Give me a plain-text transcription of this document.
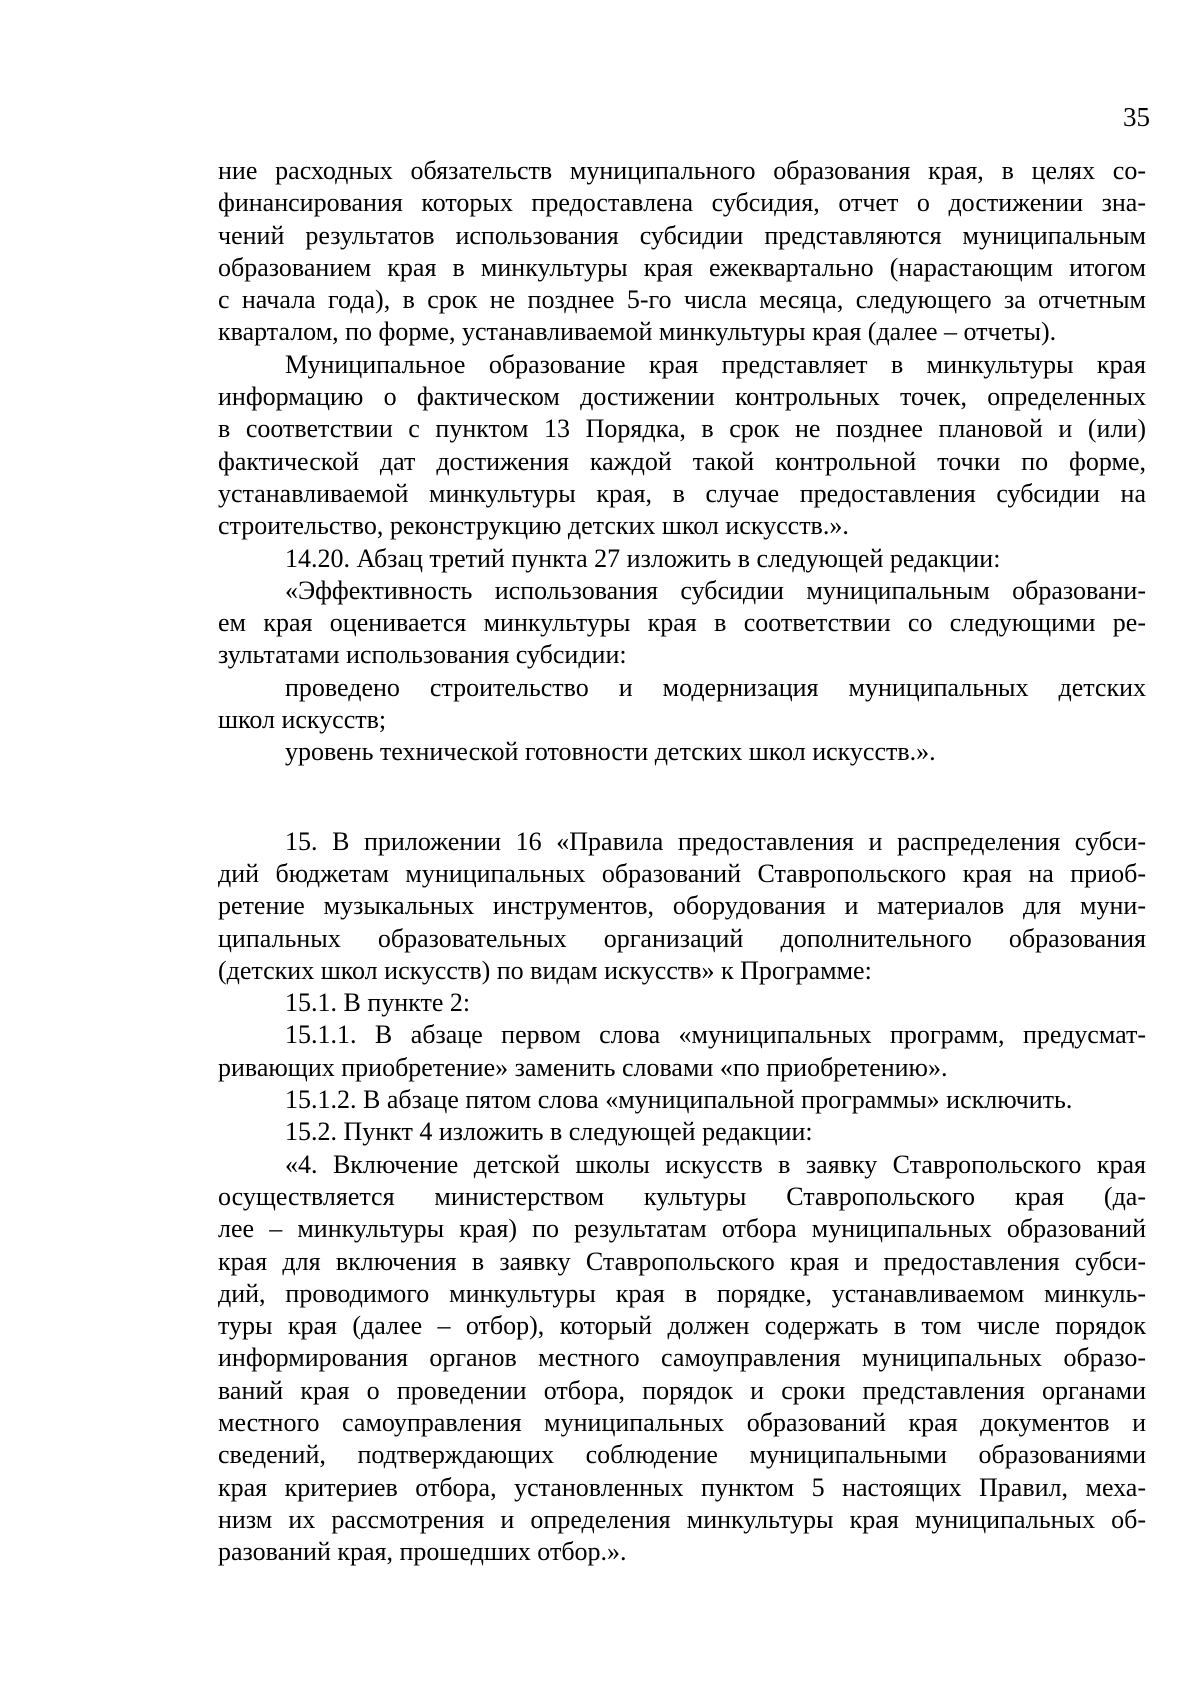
35
ние расходных обязательств муниципального образования края, в целях со-
финансирования которых предоставлена субсидия, отчет о достижении зна-
чений результатов использования субсидии представляются муниципальным
образованием края в минкультуры края ежеквартально (нарастающим итогом
с начала года), в срок не позднее 5-го числа месяца, следующего за отчетным
кварталом, по форме, устанавливаемой минкультуры края (далее – отчеты).
Муниципальное образование края представляет в минкультуры края
информацию о фактическом достижении контрольных точек, определенных
в соответствии с пунктом 13 Порядка, в срок не позднее плановой и (или)
фактической дат достижения каждой такой контрольной точки по форме,
устанавливаемой минкультуры края, в случае предоставления субсидии на
строительство, реконструкцию детских школ искусств.».
14.20. Абзац третий пункта 27 изложить в следующей редакции:
«Эффективность использования субсидии муниципальным образовани-
ем края оценивается минкультуры края в соответствии со следующими ре-
зультатами использования субсидии:
проведено строительство и модернизация муниципальных детских
школ искусств;
уровень технической готовности детских школ искусств.».
15. В приложении 16 «Правила предоставления и распределения субси-
дий бюджетам муниципальных образований Ставропольского края на приоб-
ретение музыкальных инструментов, оборудования и материалов для муни-
ципальных образовательных организаций дополнительного образования
(детских школ искусств) по видам искусств» к Программе:
15.1. В пункте 2:
15.1.1. В абзаце первом слова «муниципальных программ, предусмат-
ривающих приобретение» заменить словами «по приобретению».
15.1.2. В абзаце пятом слова «муниципальной программы» исключить.
15.2. Пункт 4 изложить в следующей редакции:
«4. Включение детской школы искусств в заявку Ставропольского края
осуществляется министерством культуры Ставропольского края (да-
лее – минкультуры края) по результатам отбора муниципальных образований
края для включения в заявку Ставропольского края и предоставления субси-
дий, проводимого минкультуры края в порядке, устанавливаемом минкуль-
туры края (далее – отбор), который должен содержать в том числе порядок
информирования органов местного самоуправления муниципальных образо-
ваний края о проведении отбора, порядок и сроки представления органами
местного самоуправления муниципальных образований края документов и
сведений, подтверждающих соблюдение муниципальными образованиями
края критериев отбора, установленных пунктом 5 настоящих Правил, меха-
низм их рассмотрения и определения минкультуры края муниципальных об-
разований края, прошедших отбор.».
